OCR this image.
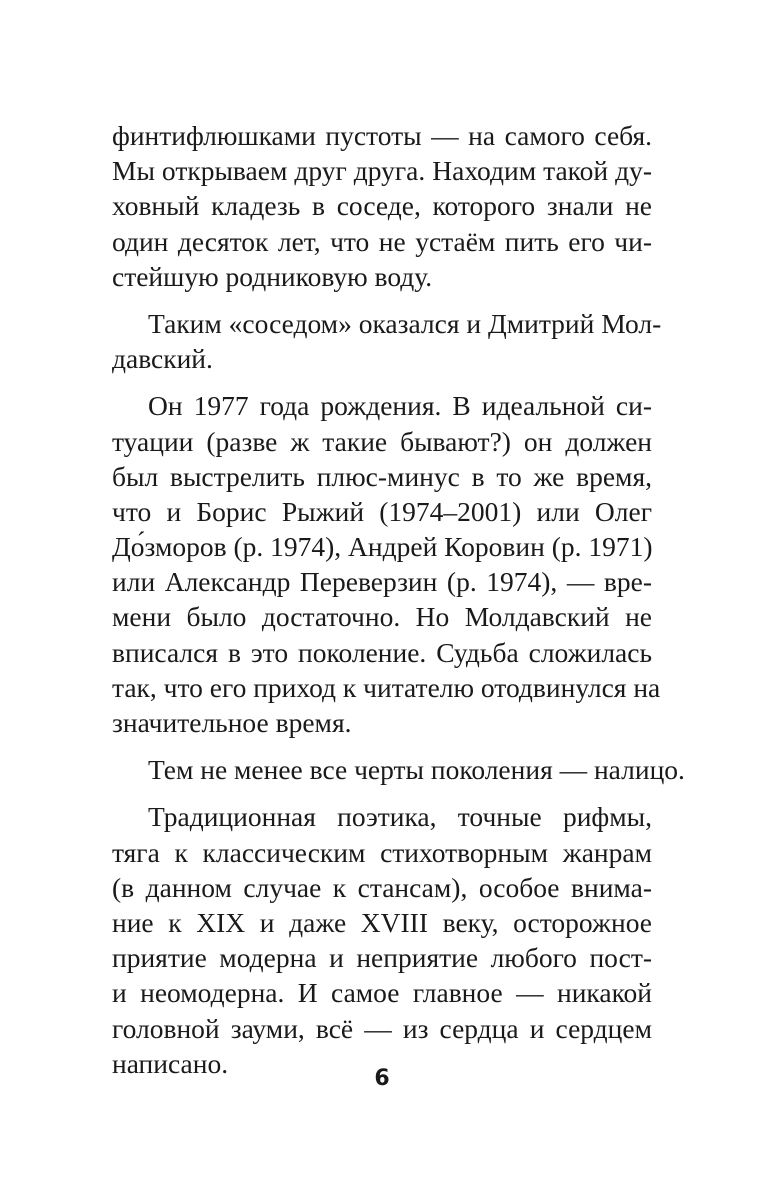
финтифлюшками пустоты — на самого себя.
Мы открываем друг друга. Находим такой ду-
ховный кладезь в соседе, которого знали не
один десяток лет, что не устаём пить его чи-
стейшую родниковую воду.
Таким «соседом» оказался и Дмитрий Мол-
давский.
Он 1977 года рождения. В идеальной си-
туации (разве ж такие бывают?) он должен
был выстрелить плюс-минус в то же время,
что и Борис Рыжий (1974–2001) или Олег
До́зморов (р. 1974), Андрей Коровин (р. 1971)
или Александр Переверзин (р. 1974), — вре-
мени было достаточно. Но Молдавский не
вписался в это поколение. Судьба сложилась
так, что его приход к читателю отодвинулся на
значительное время.
Тем не менее все черты поколения — налицо.
Традиционная поэтика, точные рифмы,
тяга к классическим стихотворным жанрам
(в данном случае к стансам), особое внима-
ние к XIX и даже XVIII веку, осторожное
приятие модерна и неприятие любого пост-
и неомодерна. И самое главное — никакой
головной зауми, всё — из сердца и сердцем
написано.	6
